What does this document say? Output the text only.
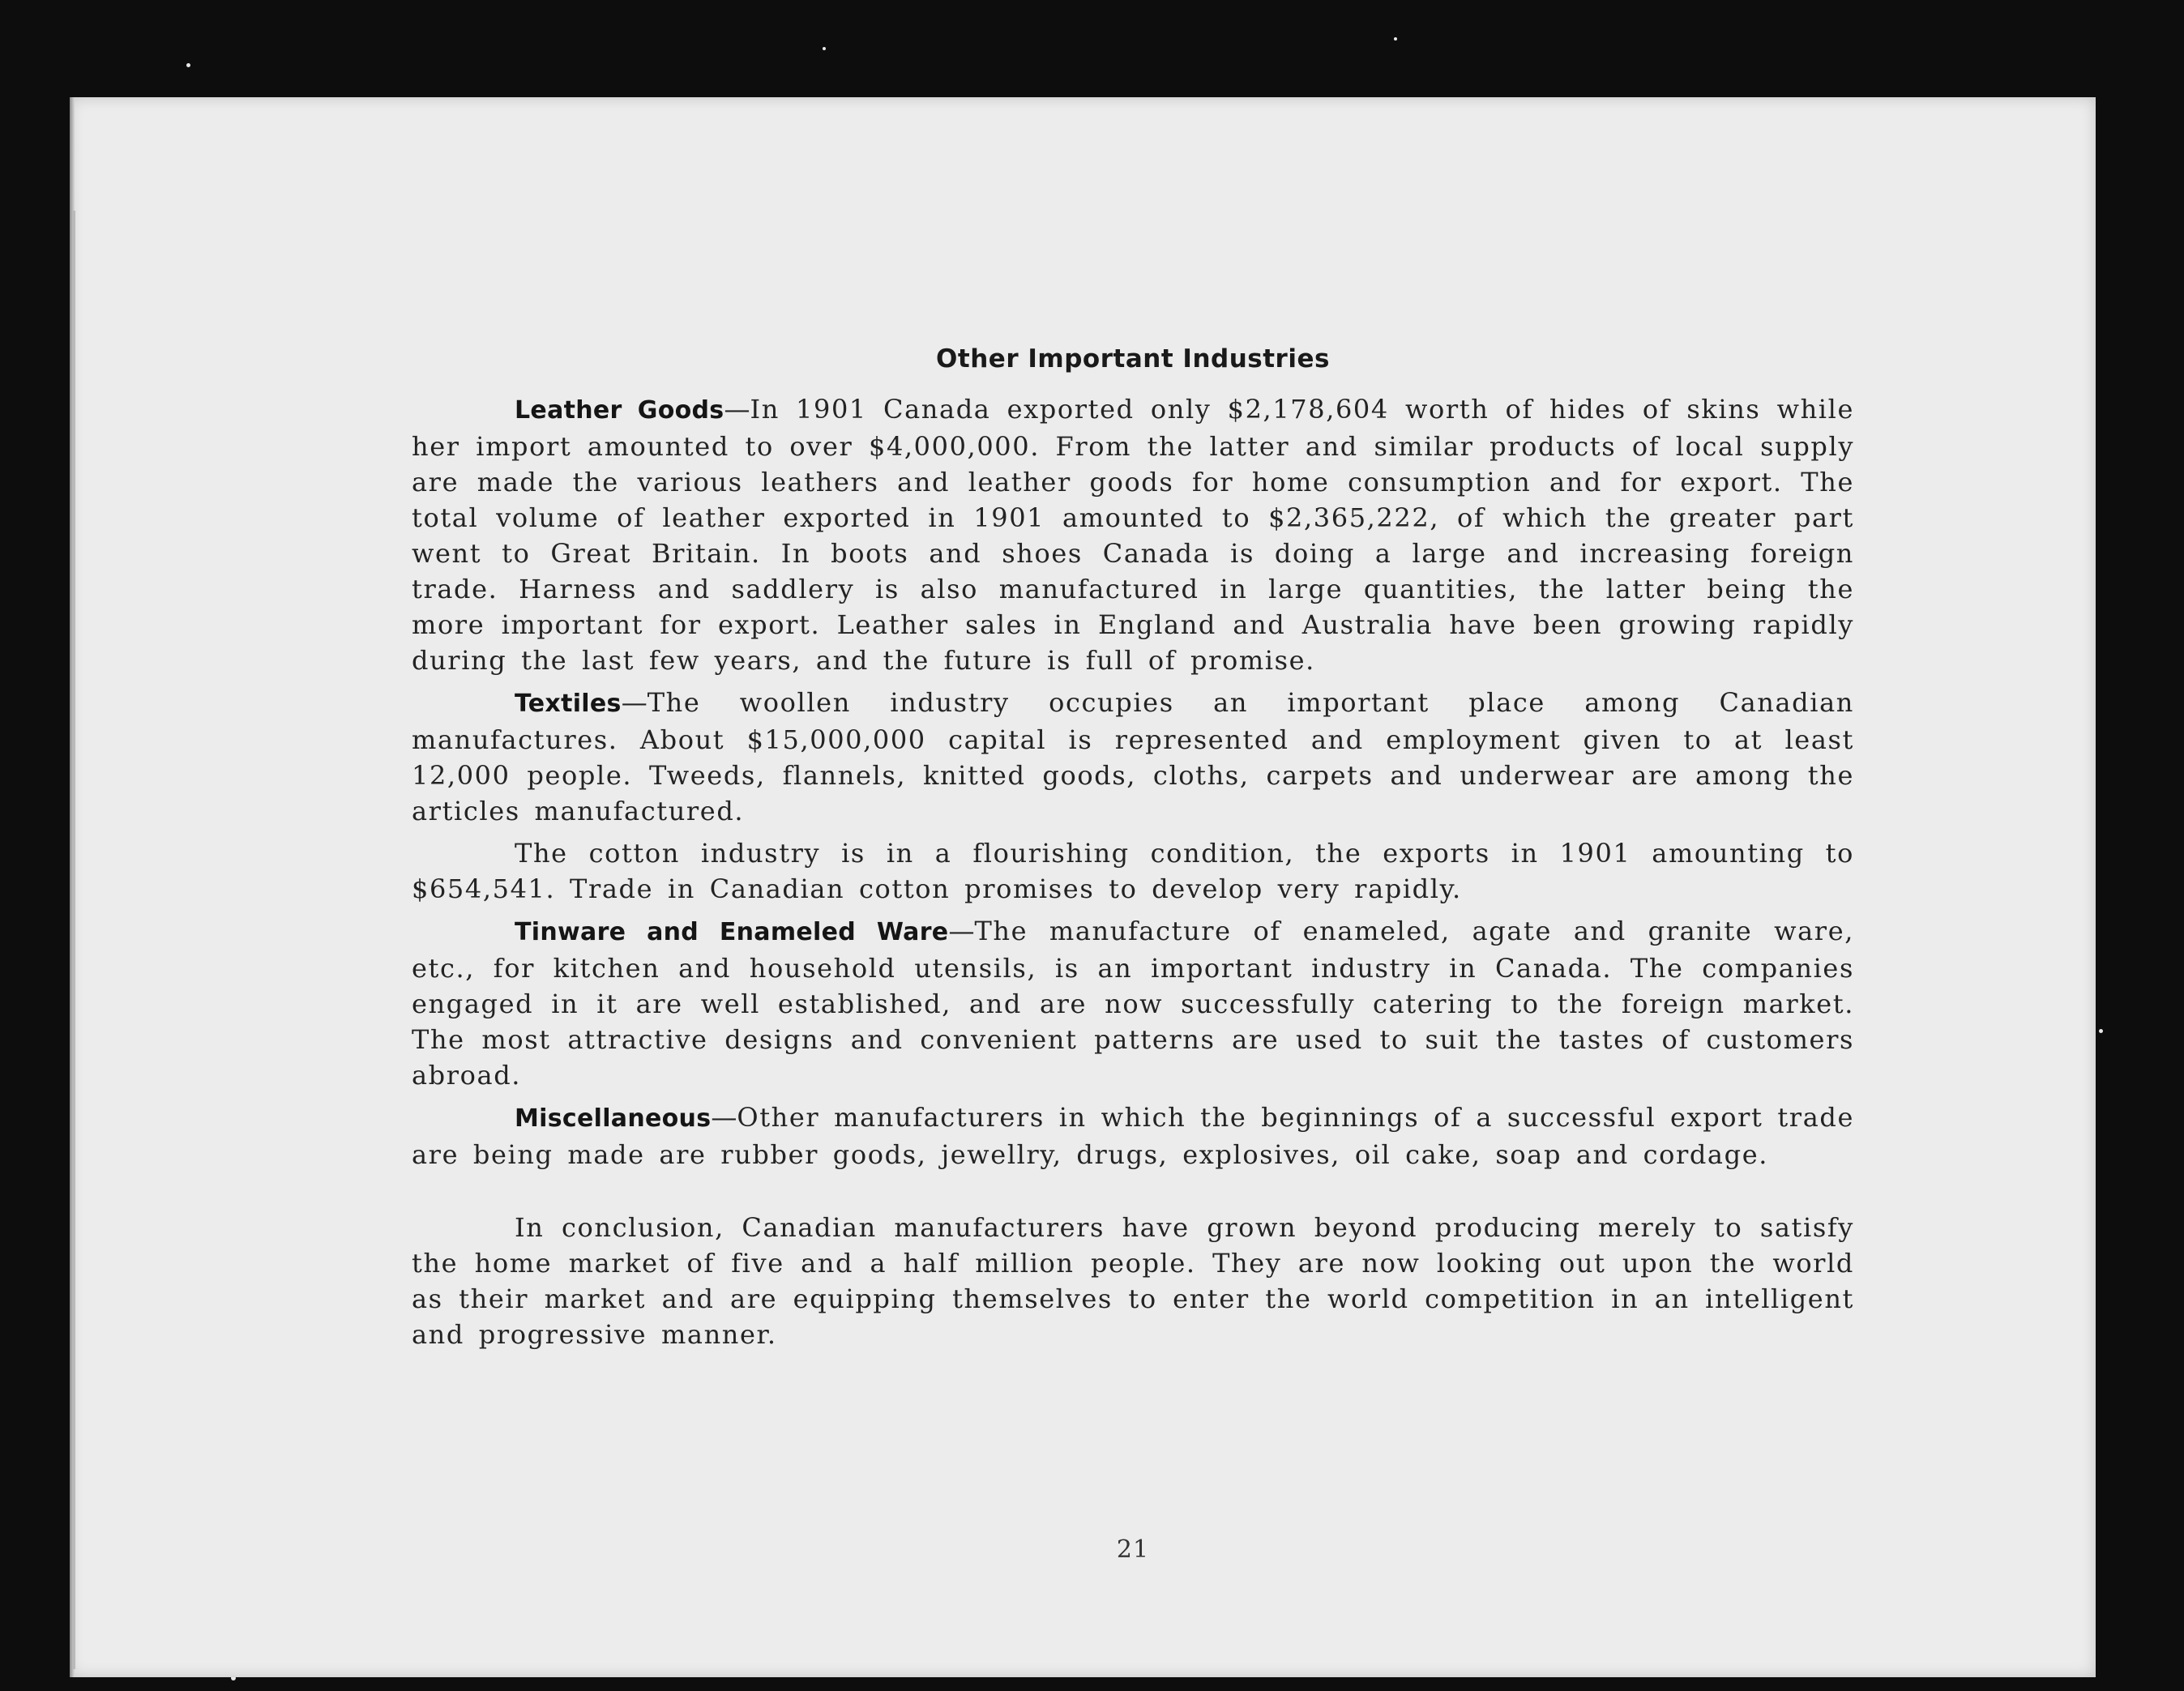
Other Important Industries

Leather Goods—In 1901 Canada exported only $2,178,604 worth of hides of skins while her import amounted to over $4,000,000. From the latter and similar products of local supply are made the various leathers and leather goods for home consumption and for export. The total volume of leather exported in 1901 amounted to $2,365,222, of which the greater part went to Great Britain. In boots and shoes Canada is doing a large and increasing foreign trade. Harness and saddlery is also manufactured in large quantities, the latter being the more important for export. Leather sales in England and Australia have been growing rapidly during the last few years, and the future is full of promise.

Textiles—The woollen industry occupies an important place among Canadian manufactures. About $15,000,000 capital is represented and employment given to at least 12,000 people. Tweeds, flannels, knitted goods, cloths, carpets and underwear are among the articles manufactured.

The cotton industry is in a flourishing condition, the exports in 1901 amounting to $654,541. Trade in Canadian cotton promises to develop very rapidly.

Tinware and Enameled Ware—The manufacture of enameled, agate and granite ware, etc., for kitchen and household utensils, is an important industry in Canada. The companies engaged in it are well established, and are now successfully catering to the foreign market. The most attractive designs and convenient patterns are used to suit the tastes of customers abroad.

Miscellaneous—Other manufacturers in which the beginnings of a successful export trade are being made are rubber goods, jewellry, drugs, explosives, oil cake, soap and cordage.

In conclusion, Canadian manufacturers have grown beyond producing merely to satisfy the home market of five and a half million people. They are now looking out upon the world as their market and are equipping themselves to enter the world competition in an intelligent and progressive manner.

21
